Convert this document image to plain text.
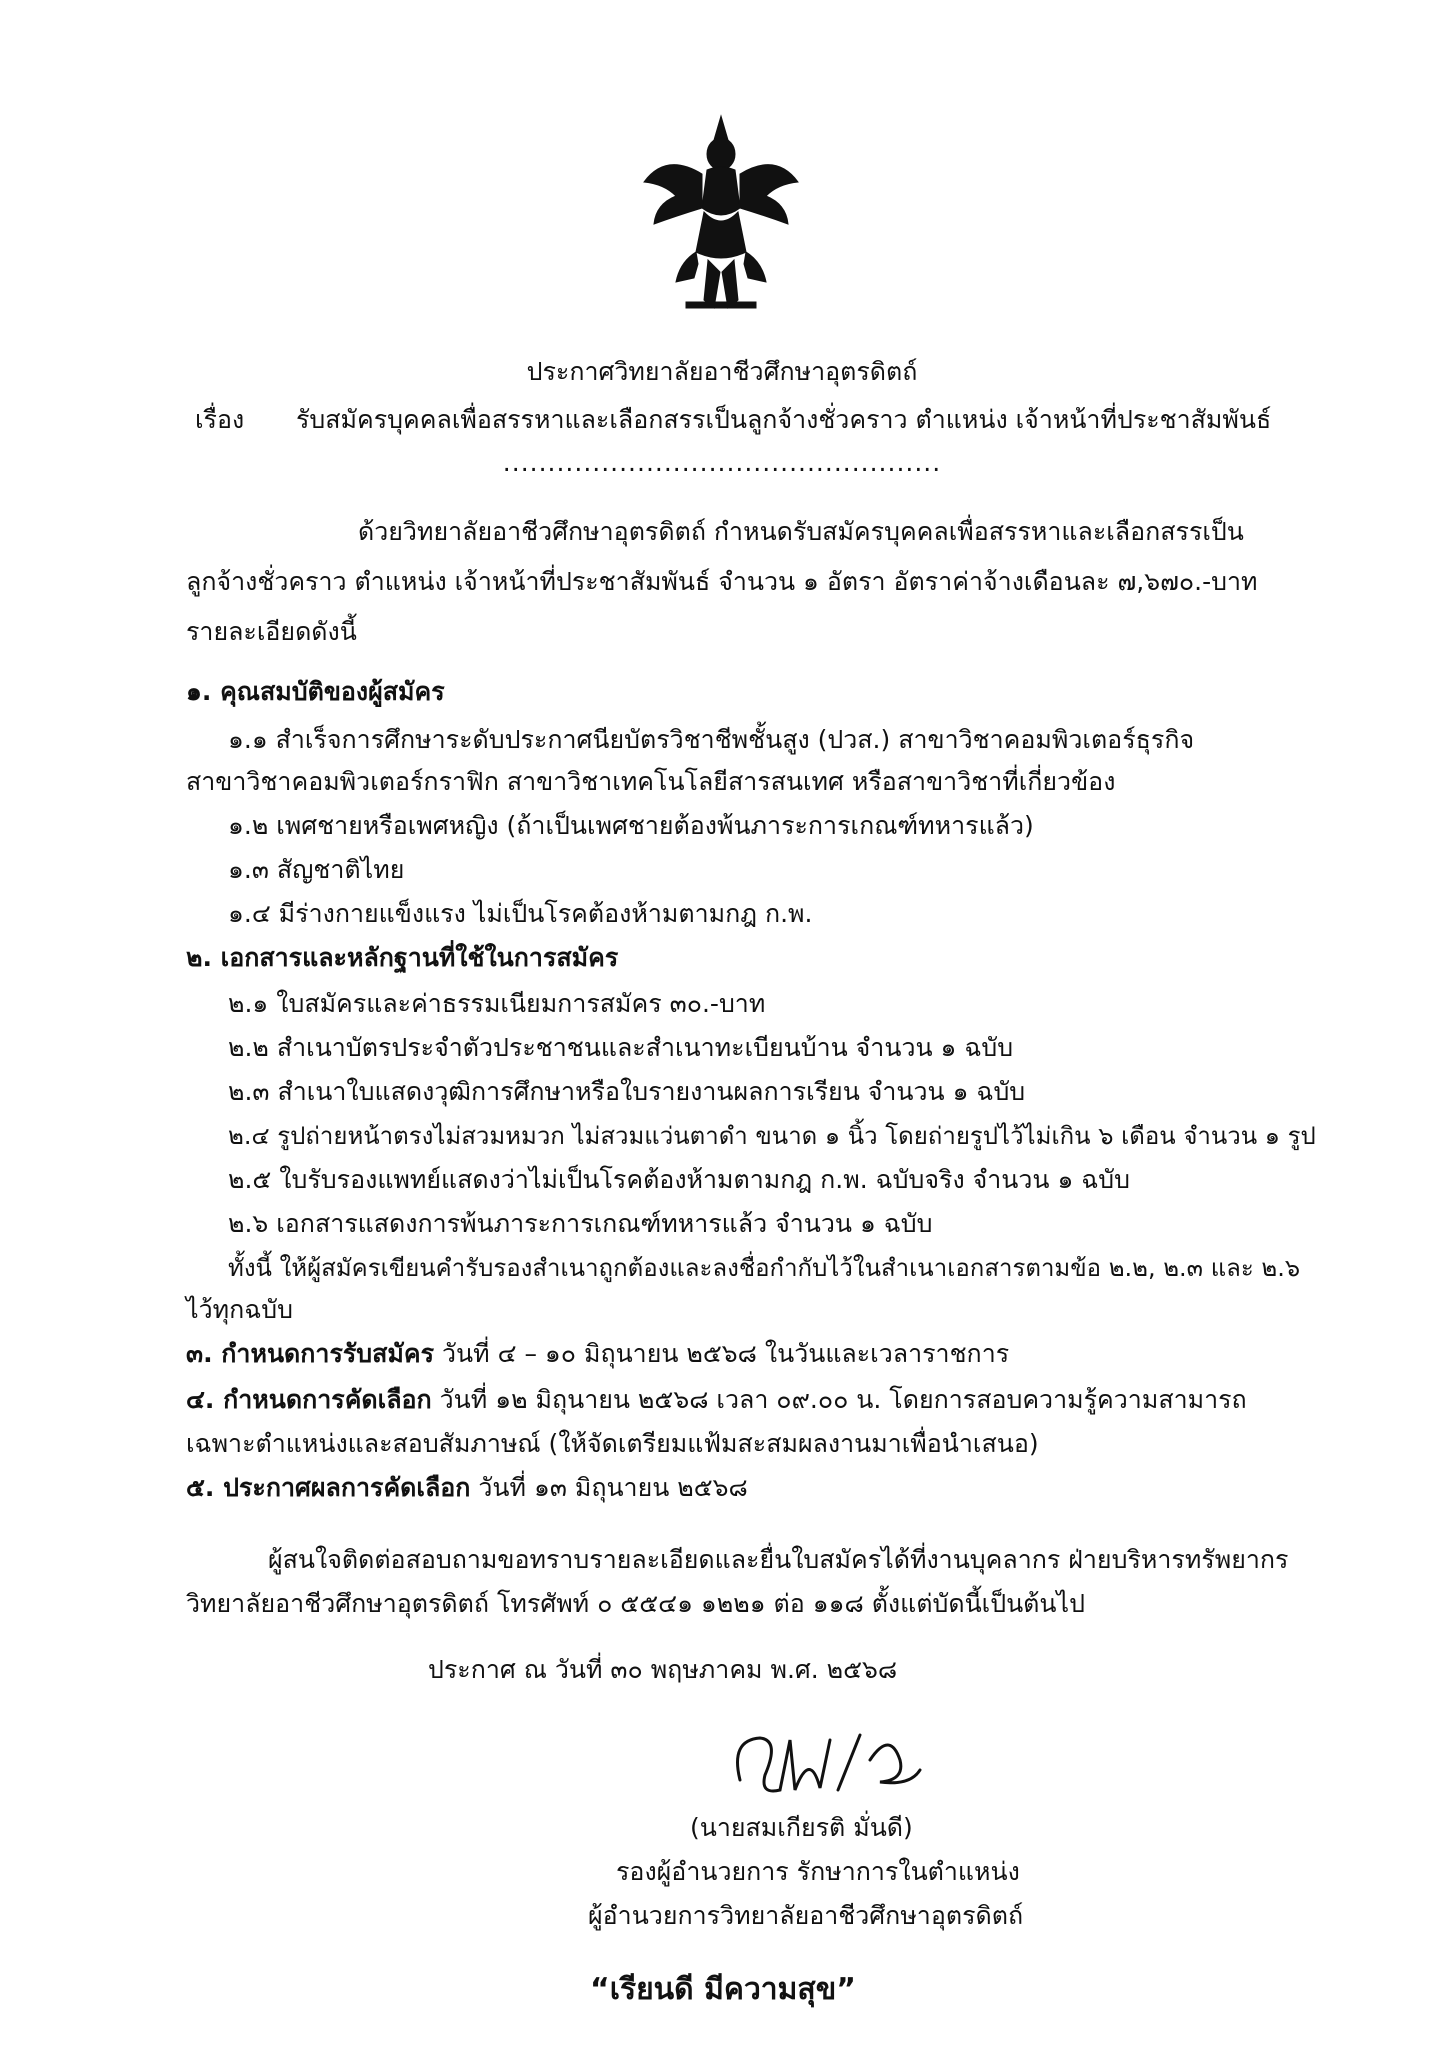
ประกาศวิทยาลัยอาชีวศึกษาอุตรดิตถ์
เรื่อง รับสมัครบุคคลเพื่อสรรหาและเลือกสรรเป็นลูกจ้างชั่วคราว ตำแหน่ง เจ้าหน้าที่ประชาสัมพันธ์
.................................................
ด้วยวิทยาลัยอาชีวศึกษาอุตรดิตถ์ กำหนดรับสมัครบุคคลเพื่อสรรหาและเลือกสรรเป็น
ลูกจ้างชั่วคราว ตำแหน่ง เจ้าหน้าที่ประชาสัมพันธ์ จำนวน ๑ อัตรา อัตราค่าจ้างเดือนละ ๗,๖๗๐.-บาท
รายละเอียดดังนี้
๑. คุณสมบัติของผู้สมัคร
๑.๑ สำเร็จการศึกษาระดับประกาศนียบัตรวิชาชีพชั้นสูง (ปวส.) สาขาวิชาคอมพิวเตอร์ธุรกิจ
สาขาวิชาคอมพิวเตอร์กราฟิก สาขาวิชาเทคโนโลยีสารสนเทศ หรือสาขาวิชาที่เกี่ยวข้อง
๑.๒ เพศชายหรือเพศหญิง (ถ้าเป็นเพศชายต้องพ้นภาระการเกณฑ์ทหารแล้ว)
๑.๓ สัญชาติไทย
๑.๔ มีร่างกายแข็งแรง ไม่เป็นโรคต้องห้ามตามกฎ ก.พ.
๒. เอกสารและหลักฐานที่ใช้ในการสมัคร
๒.๑ ใบสมัครและค่าธรรมเนียมการสมัคร ๓๐.-บาท
๒.๒ สำเนาบัตรประจำตัวประชาชนและสำเนาทะเบียนบ้าน จำนวน ๑ ฉบับ
๒.๓ สำเนาใบแสดงวุฒิการศึกษาหรือใบรายงานผลการเรียน จำนวน ๑ ฉบับ
๒.๔ รูปถ่ายหน้าตรงไม่สวมหมวก ไม่สวมแว่นตาดำ ขนาด ๑ นิ้ว โดยถ่ายรูปไว้ไม่เกิน ๖ เดือน จำนวน ๑ รูป
๒.๕ ใบรับรองแพทย์แสดงว่าไม่เป็นโรคต้องห้ามตามกฎ ก.พ. ฉบับจริง จำนวน ๑ ฉบับ
๒.๖ เอกสารแสดงการพ้นภาระการเกณฑ์ทหารแล้ว จำนวน ๑ ฉบับ
ทั้งนี้ ให้ผู้สมัครเขียนคำรับรองสำเนาถูกต้องและลงชื่อกำกับไว้ในสำเนาเอกสารตามข้อ ๒.๒, ๒.๓ และ ๒.๖
ไว้ทุกฉบับ
๓. กำหนดการรับสมัคร วันที่ ๔ – ๑๐ มิถุนายน ๒๕๖๘ ในวันและเวลาราชการ
๔. กำหนดการคัดเลือก วันที่ ๑๒ มิถุนายน ๒๕๖๘ เวลา ๐๙.๐๐ น. โดยการสอบความรู้ความสามารถ
เฉพาะตำแหน่งและสอบสัมภาษณ์ (ให้จัดเตรียมแฟ้มสะสมผลงานมาเพื่อนำเสนอ)
๕. ประกาศผลการคัดเลือก วันที่ ๑๓ มิถุนายน ๒๕๖๘
ผู้สนใจติดต่อสอบถามขอทราบรายละเอียดและยื่นใบสมัครได้ที่งานบุคลากร ฝ่ายบริหารทรัพยากร
วิทยาลัยอาชีวศึกษาอุตรดิตถ์ โทรศัพท์ ๐ ๕๕๔๑ ๑๒๒๑ ต่อ ๑๑๘ ตั้งแต่บัดนี้เป็นต้นไป
ประกาศ ณ วันที่ ๓๐ พฤษภาคม พ.ศ. ๒๕๖๘
(นายสมเกียรติ มั่นดี)
รองผู้อำนวยการ รักษาการในตำแหน่ง
ผู้อำนวยการวิทยาลัยอาชีวศึกษาอุตรดิตถ์
“เรียนดี มีความสุข”
